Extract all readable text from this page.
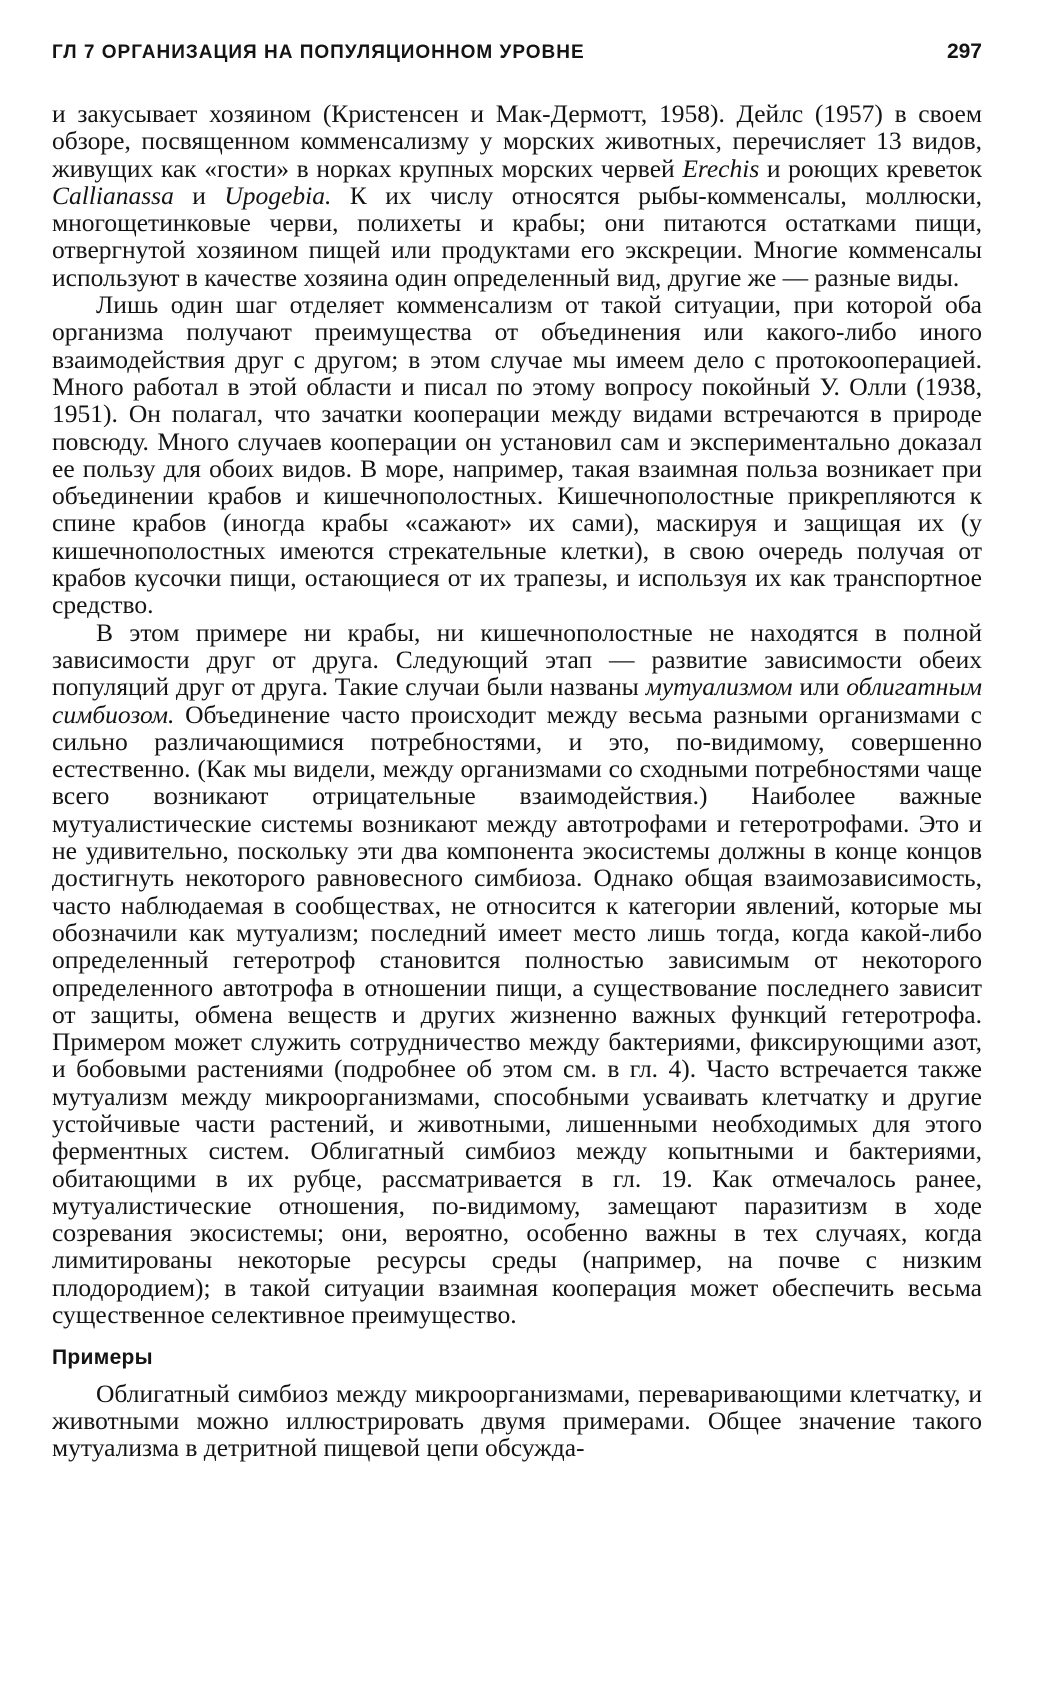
ГЛ 7 ОРГАНИЗАЦИЯ НА ПОПУЛЯЦИОННОМ УРОВНЕ	297

и закусывает хозяином (Кристенсен и Мак-Дермотт, 1958). Дейлс (1957) в своем обзоре, посвященном комменсализму у морских животных, перечисляет 13 видов, живущих как «гости» в норках крупных морских червей Erechis и роющих креветок Callianassa и Upogebia. К их числу относятся рыбы-комменсалы, моллюски, многощетинковые черви, полихеты и крабы; они питаются остатками пищи, отвергнутой хозяином пищей или продуктами его экскреции. Многие комменсалы используют в качестве хозяина один определенный вид, другие же — разные виды.

Лишь один шаг отделяет комменсализм от такой ситуации, при которой оба организма получают преимущества от объединения или какого-либо иного взаимодействия друг с другом; в этом случае мы имеем дело с протокооперацией. Много работал в этой области и писал по этому вопросу покойный У. Олли (1938, 1951). Он полагал, что зачатки кооперации между видами встречаются в природе повсюду. Много случаев кооперации он установил сам и экспериментально доказал ее пользу для обоих видов. В море, например, такая взаимная польза возникает при объединении крабов и кишечнополостных. Кишечнополостные прикрепляются к спине крабов (иногда крабы «сажают» их сами), маскируя и защищая их (у кишечнополостных имеются стрекательные клетки), в свою очередь получая от крабов кусочки пищи, остающиеся от их трапезы, и используя их как транспортное средство.

В этом примере ни крабы, ни кишечнополостные не находятся в полной зависимости друг от друга. Следующий этап — развитие зависимости обеих популяций друг от друга. Такие случаи были названы мутуализмом или облигатным симбиозом. Объединение часто происходит между весьма разными организмами с сильно различающимися потребностями, и это, по-видимому, совершенно естественно. (Как мы видели, между организмами со сходными потребностями чаще всего возникают отрицательные взаимодействия.) Наиболее важные мутуалистические системы возникают между автотрофами и гетеротрофами. Это и не удивительно, поскольку эти два компонента экосистемы должны в конце концов достигнуть некоторого равновесного симбиоза. Однако общая взаимозависимость, часто наблюдаемая в сообществах, не относится к категории явлений, которые мы обозначили как мутуализм; последний имеет место лишь тогда, когда какой-либо определенный гетеротроф становится полностью зависимым от некоторого определенного автотрофа в отношении пищи, а существование последнего зависит от защиты, обмена веществ и других жизненно важных функций гетеротрофа. Примером может служить сотрудничество между бактериями, фиксирующими азот, и бобовыми растениями (подробнее об этом см. в гл. 4). Часто встречается также мутуализм между микроорганизмами, способными усваивать клетчатку и другие устойчивые части растений, и животными, лишенными необходимых для этого ферментных систем. Облигатный симбиоз между копытными и бактериями, обитающими в их рубце, рассматривается в гл. 19. Как отмечалось ранее, мутуалистические отношения, по-видимому, замещают паразитизм в ходе созревания экосистемы; они, вероятно, особенно важны в тех случаях, когда лимитированы некоторые ресурсы среды (например, на почве с низким плодородием); в такой ситуации взаимная кооперация может обеспечить весьма существенное селективное преимущество.

Примеры

Облигатный симбиоз между микроорганизмами, переваривающими клетчатку, и животными можно иллюстрировать двумя примерами. Общее значение такого мутуализма в детритной пищевой цепи обсужда-
